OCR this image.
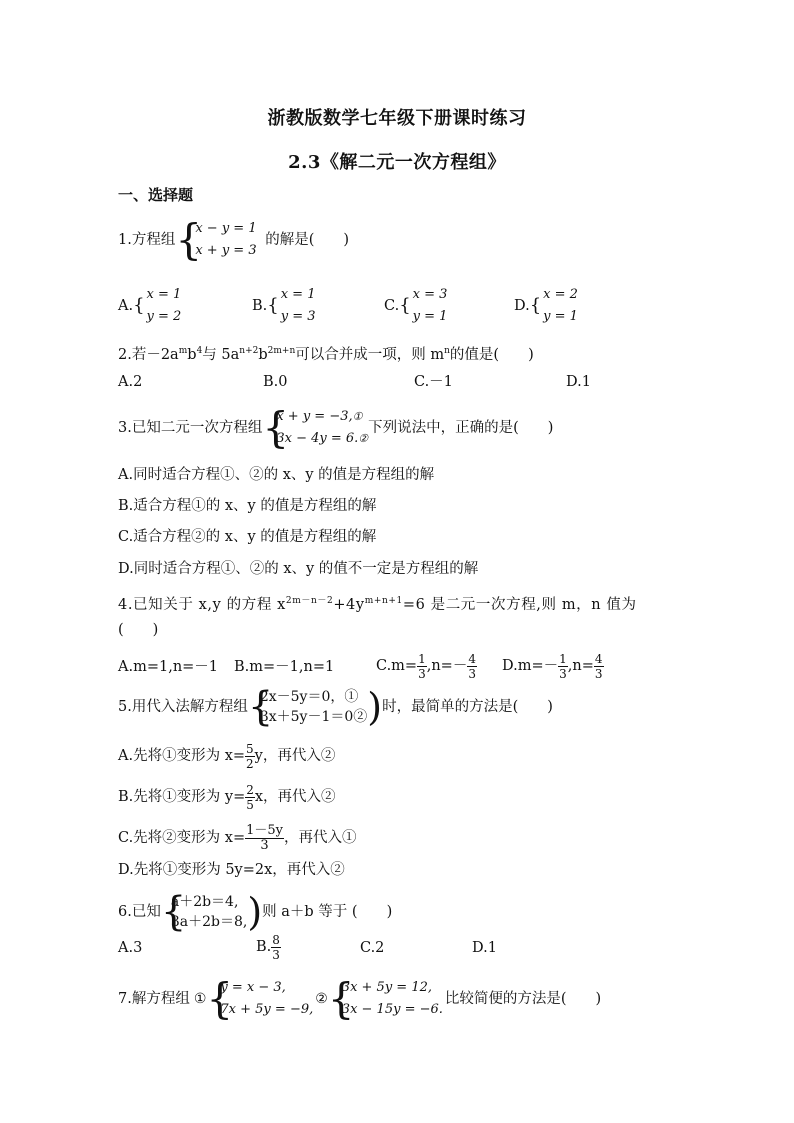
浙教版数学七年级下册课时练习
2.3《解二元一次方程组》
一、选择题
1.方程组 {
x − y = 1
x + y = 3
的解是(　　)
A.{
x = 1
y = 2
B.{
x = 1
y = 3
C.{
x = 3
y = 1
D.{
x = 2
y = 1
2.若$-2a^mb^4$与 $5a^{n+2}b^{2m+n}$可以合并成一项，则 $m^n$的值是(　　)
A.2	B.0	C.－1	D.1
3.已知二元一次方程组 {
x + y = −3,①
3x − 4y = 6.②
下列说法中，正确的是(　　)
A.同时适合方程①、②的 x、y 的值是方程组的解
B.适合方程①的 x、y 的值是方程组的解
C.适合方程②的 x、y 的值是方程组的解
D.同时适合方程①、②的 x、y 的值不一定是方程组的解
4.已知关于 x,y 的方程 $x^{2m-n-2}+4y^{m+n+1}=6$ 是二元一次方程,则 m，n 值为
(　　)
A.m=1,n=－1 B.m=－1,n=1	$C.m= \frac{1}{3} ,n=- \frac{4}{3} D.m=- \frac{1}{3} ,n= \frac{4}{3}$
5.用代入法解方程组 {
2x－5y＝0，①
3x＋5y－1＝0② )时，最简单的方法是(　　)
A.先将①变形为 $x= \frac{5}{2}$ y，再代入②
B.先将①变形为 $y= \frac{2}{5}$ x，再代入②
C.先将②变形为 $x= \frac{1-5y}{3}$ ，再代入①
D.先将①变形为 5y=2x，再代入②
6.已知 {
a＋2b＝4,
3a＋2b＝8, )则 a＋b 等于 (　　)
A.3	B. $\frac{8}{3}$	C.2	D.1
7.解方程组 ① {
y = x − 3,
7x + 5y = −9,
② {
3x + 5y = 12,
3x − 15y = −6.
比较简便的方法是(　　)
